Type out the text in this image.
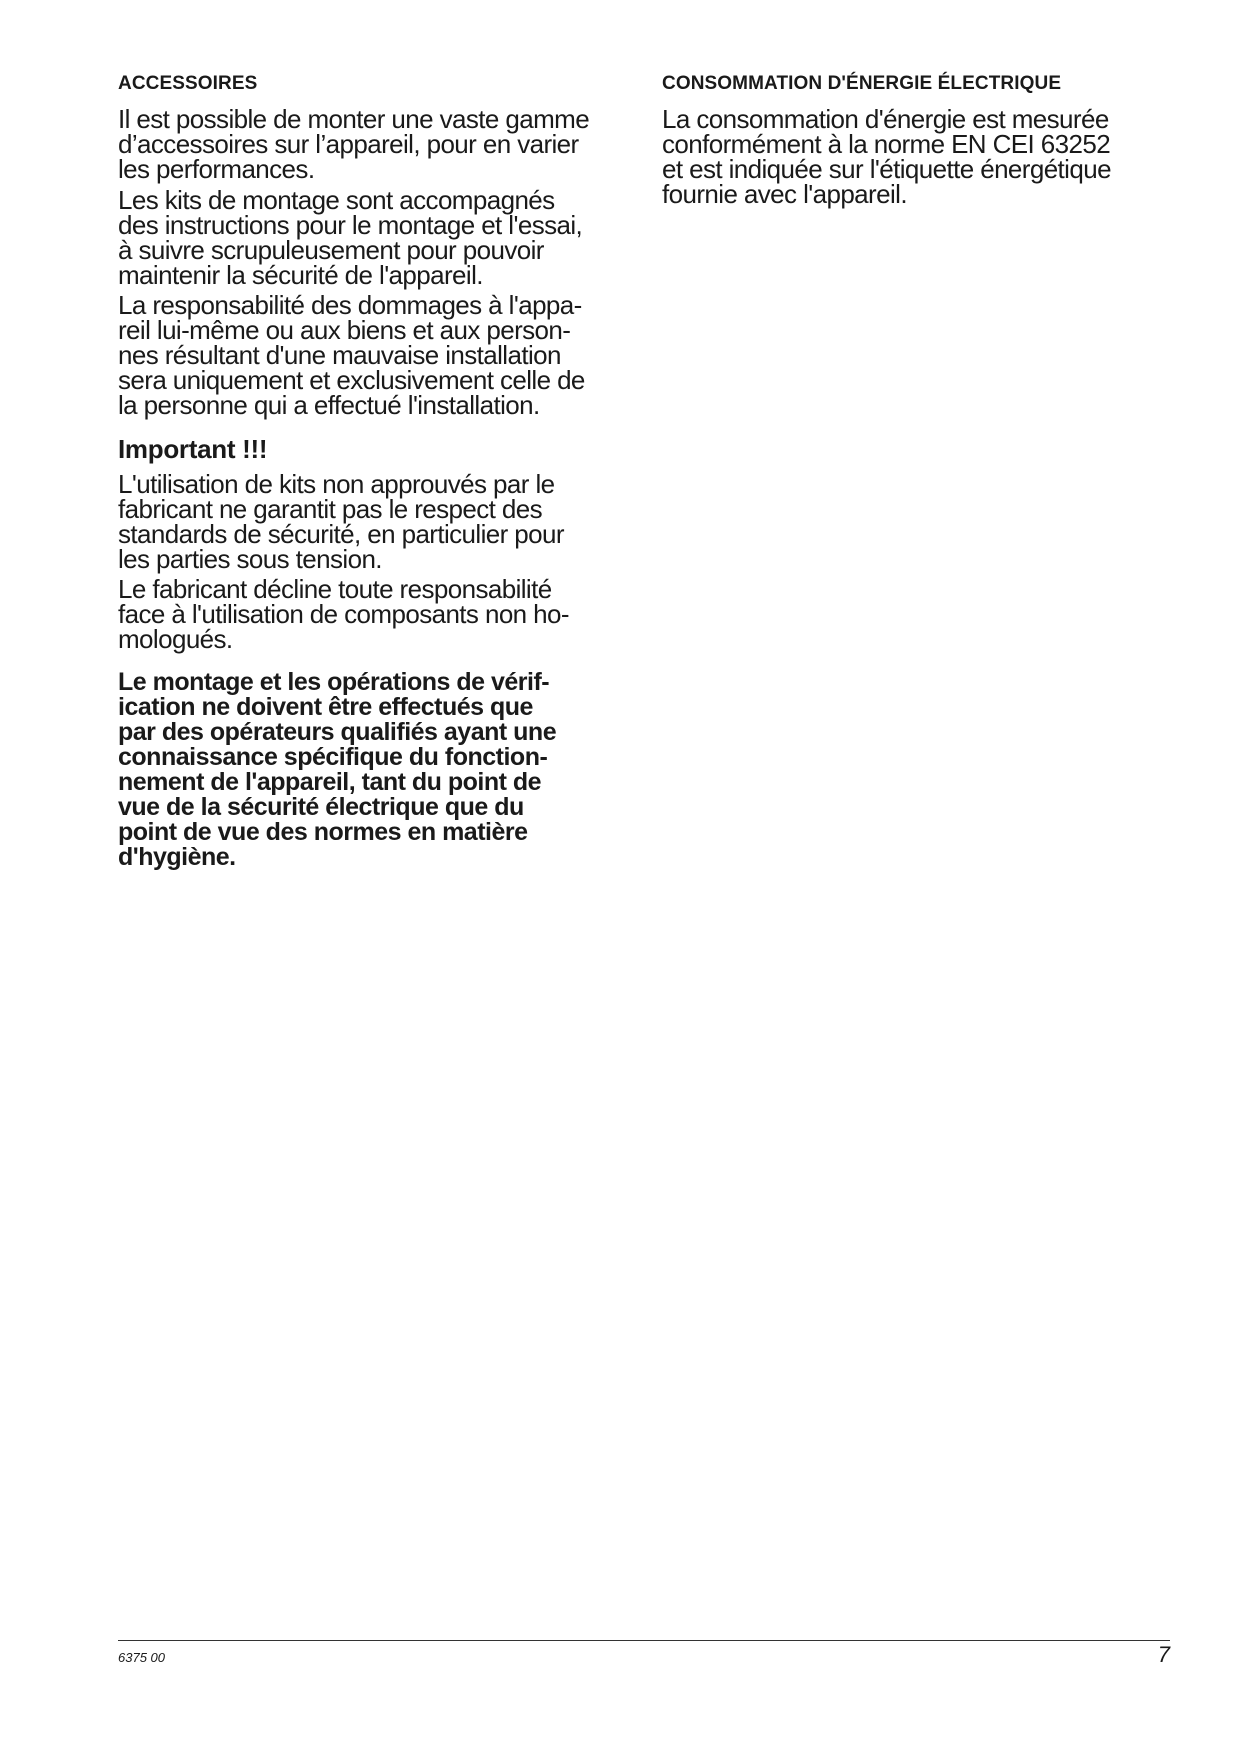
ACCESSOIRES
Il est possible de monter une vaste gamme
d’accessoires sur l’appareil, pour en varier
les performances.
Les kits de montage sont accompagnés
des instructions pour le montage et l'essai,
à suivre scrupuleusement pour pouvoir
maintenir la sécurité de l'appareil.
La responsabilité des dommages à l'appa-
reil lui-même ou aux biens et aux person-
nes résultant d'une mauvaise installation
sera uniquement et exclusivement celle de
la personne qui a effectué l'installation.
Important !!!
L'utilisation de kits non approuvés par le
fabricant ne garantit pas le respect des
standards de sécurité, en particulier pour
les parties sous tension.
Le fabricant décline toute responsabilité
face à l'utilisation de composants non ho-
mologués.
Le montage et les opérations de vérif-
ication ne doivent être effectués que
par des opérateurs qualifiés ayant une
connaissance spécifique du fonction-
nement de l'appareil, tant du point de
vue de la sécurité électrique que du
point de vue des normes en matière
d'hygiène.
CONSOMMATION D'ÉNERGIE ÉLECTRIQUE
La consommation d'énergie est mesurée
conformément à la norme EN CEI 63252
et est indiquée sur l'étiquette énergétique
fournie avec l'appareil.
6375 00	7
